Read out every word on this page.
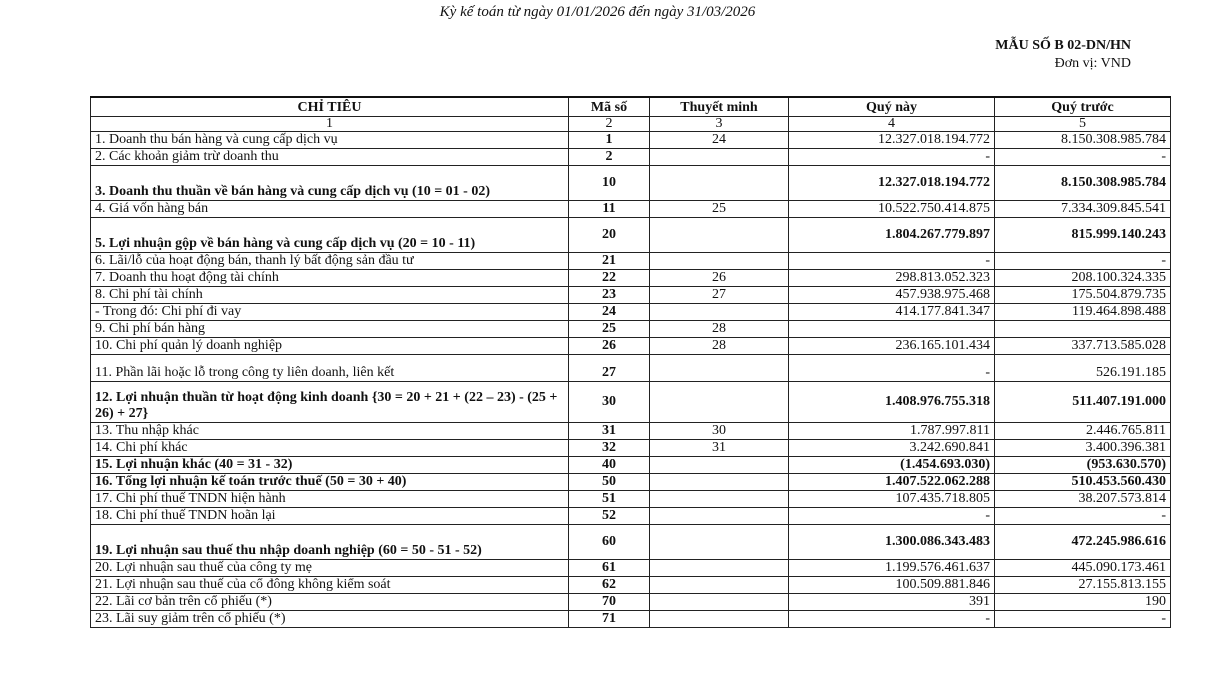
Kỳ kế toán từ ngày 01/01/2026 đến ngày 31/03/2026
MẪU SỐ B 02-DN/HN
Đơn vị: VND
CHỈ TIÊU	Mã số	Thuyết minh	Quý này	Quý trước
1	2	3	4	5
1. Doanh thu bán hàng và cung cấp dịch vụ	1	24	12.327.018.194.772	8.150.308.985.784
2. Các khoản giảm trừ doanh thu	2		-	-
3. Doanh thu thuần về bán hàng và cung cấp dịch vụ (10 = 01 - 02)	10		12.327.018.194.772	8.150.308.985.784
4. Giá vốn hàng bán	11	25	10.522.750.414.875	7.334.309.845.541
5. Lợi nhuận gộp về bán hàng và cung cấp dịch vụ (20 = 10 - 11)	20		1.804.267.779.897	815.999.140.243
6. Lãi/lỗ của hoạt động bán, thanh lý bất động sản đầu tư	21		-	-
7. Doanh thu hoạt động tài chính	22	26	298.813.052.323	208.100.324.335
8. Chi phí tài chính	23	27	457.938.975.468	175.504.879.735
- Trong đó: Chi phí đi vay	24		414.177.841.347	119.464.898.488
9. Chi phí bán hàng	25	28		
10. Chi phí quản lý doanh nghiệp	26	28	236.165.101.434	337.713.585.028
11. Phần lãi hoặc lỗ trong công ty liên doanh, liên kết	27		-	526.191.185
12. Lợi nhuận thuần từ hoạt động kinh doanh {30 = 20 + 21 + (22 – 23) - (25 + 26) + 27}	30		1.408.976.755.318	511.407.191.000
13. Thu nhập khác	31	30	1.787.997.811	2.446.765.811
14. Chi phí khác	32	31	3.242.690.841	3.400.396.381
15. Lợi nhuận khác (40 = 31 - 32)	40		(1.454.693.030)	(953.630.570)
16. Tổng lợi nhuận kế toán trước thuế (50 = 30 + 40)	50		1.407.522.062.288	510.453.560.430
17. Chi phí thuế TNDN hiện hành	51		107.435.718.805	38.207.573.814
18. Chi phí thuế TNDN hoãn lại	52		-	-
19. Lợi nhuận sau thuế thu nhập doanh nghiệp (60 = 50 - 51 - 52)	60		1.300.086.343.483	472.245.986.616
20. Lợi nhuận sau thuế của công ty mẹ	61		1.199.576.461.637	445.090.173.461
21. Lợi nhuận sau thuế của cổ đông không kiểm soát	62		100.509.881.846	27.155.813.155
22. Lãi cơ bản trên cổ phiếu (*)	70		391	190
23. Lãi suy giảm trên cổ phiếu (*)	71		-	-
